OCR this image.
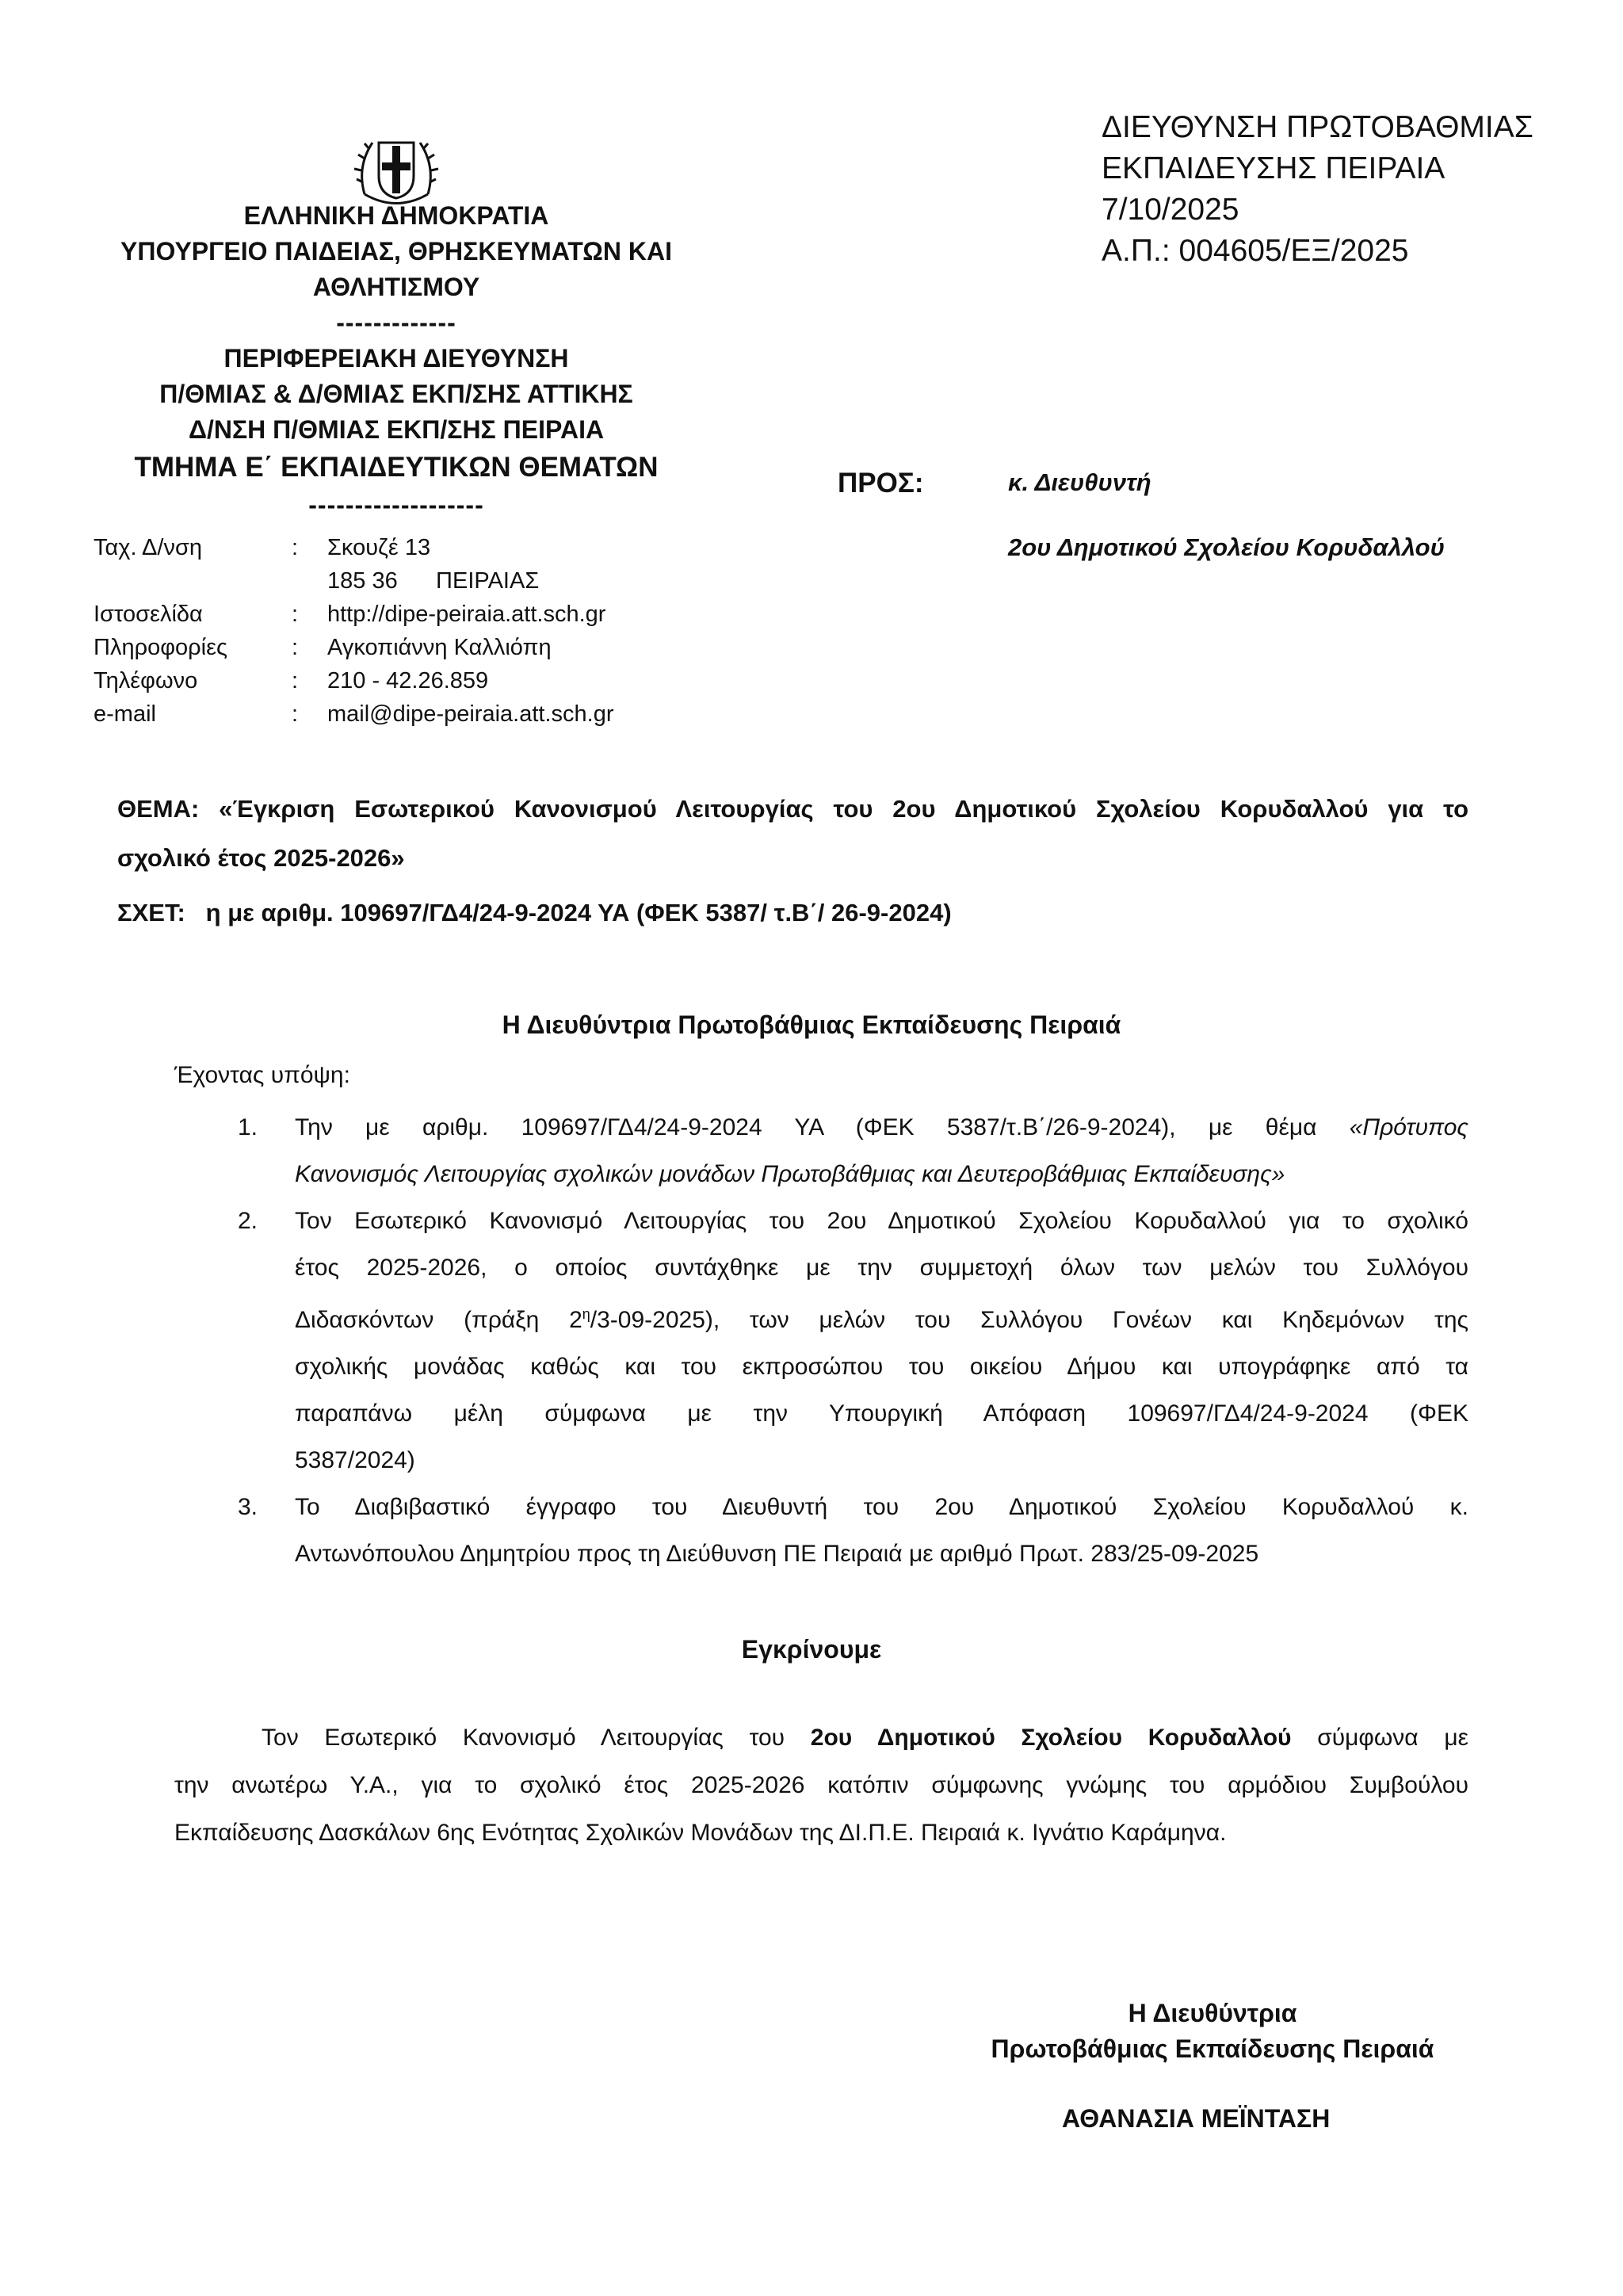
ΕΛΛΗΝΙΚΗ ΔΗΜΟΚΡΑΤΙΑ
ΥΠΟΥΡΓΕΙΟ ΠΑΙΔΕΙΑΣ, ΘΡΗΣΚΕΥΜΑΤΩΝ ΚΑΙ
ΑΘΛΗΤΙΣΜΟΥ
-------------
ΠΕΡΙΦΕΡΕΙΑΚΗ ΔΙΕΥΘΥΝΣΗ
Π/ΘΜΙΑΣ & Δ/ΘΜΙΑΣ ΕΚΠ/ΣΗΣ ΑΤΤΙΚΗΣ
Δ/ΝΣΗ Π/ΘΜΙΑΣ ΕΚΠ/ΣΗΣ ΠΕΙΡΑΙΑ
ΤΜΗΜΑ Ε΄ ΕΚΠΑΙΔΕΥΤΙΚΩΝ ΘΕΜΑΤΩΝ
-------------------
Ταχ. Δ/νση	:	Σκουζέ 13
185 36      ΠΕΙΡΑΙΑΣ
Ιστοσελίδα	:	http://dipe-peiraia.att.sch.gr
Πληροφορίες	:	Αγκοπιάννη Καλλιόπη
Τηλέφωνο	:	210 - 42.26.859
e-mail	:	mail@dipe-peiraia.att.sch.gr
ΔΙΕΥΘΥΝΣΗ ΠΡΩΤΟΒΑΘΜΙΑΣ
ΕΚΠΑΙΔΕΥΣΗΣ ΠΕΙΡΑΙΑ
7/10/2025
Α.Π.: 004605/ΕΞ/2025
ΠΡΟΣ:	κ. Διευθυντή
2ου Δημοτικού Σχολείου Κορυδαλλού
ΘΕΜΑ: «Έγκριση Εσωτερικού Κανονισμού Λειτουργίας του 2ου Δημοτικού Σχολείου Κορυδαλλού για το
σχολικό έτος 2025-2026»
ΣΧΕΤ:   η με αριθμ. 109697/ΓΔ4/24-9-2024 ΥΑ (ΦΕΚ 5387/ τ.Β΄/ 26-9-2024)
Η Διευθύντρια Πρωτοβάθμιας Εκπαίδευσης Πειραιά
Έχοντας υπόψη:
1.	Την με αριθμ. 109697/ΓΔ4/24-9-2024 ΥΑ (ΦΕΚ 5387/τ.Β΄/26-9-2024), με θέμα «Πρότυπος
Κανονισμός Λειτουργίας σχολικών μονάδων Πρωτοβάθμιας και Δευτεροβάθμιας Εκπαίδευσης»
2.	Τον Εσωτερικό Κανονισμό Λειτουργίας του 2ου Δημοτικού Σχολείου Κορυδαλλού για το σχολικό
έτος 2025-2026, ο οποίος συντάχθηκε με την συμμετοχή όλων των μελών του Συλλόγου
Διδασκόντων (πράξη $2^\eta/3-09-2025$), των μελών του Συλλόγου Γονέων και Κηδεμόνων της
σχολικής μονάδας καθώς και του εκπροσώπου του οικείου Δήμου και υπογράφηκε από τα
παραπάνω μέλη σύμφωνα με την Υπουργική Απόφαση 109697/ΓΔ4/24-9-2024 (ΦΕΚ
5387/2024)
3.	Το Διαβιβαστικό έγγραφο του Διευθυντή του 2ου Δημοτικού Σχολείου Κορυδαλλού κ.
Αντωνόπουλου Δημητρίου προς τη Διεύθυνση ΠΕ Πειραιά με αριθμό Πρωτ. 283/25-09-2025
Εγκρίνουμε
Τον Εσωτερικό Κανονισμό Λειτουργίας του 2ου Δημοτικού Σχολείου Κορυδαλλού σύμφωνα με
την ανωτέρω Υ.Α., για το σχολικό έτος 2025-2026 κατόπιν σύμφωνης γνώμης του αρμόδιου Συμβούλου
Εκπαίδευσης Δασκάλων 6ης Ενότητας Σχολικών Μονάδων της ΔΙ.Π.Ε. Πειραιά κ. Ιγνάτιο Καράμηνα.
Η Διευθύντρια
Πρωτοβάθμιας Εκπαίδευσης Πειραιά
ΑΘΑΝΑΣΙΑ ΜΕΪΝΤΑΣΗ
